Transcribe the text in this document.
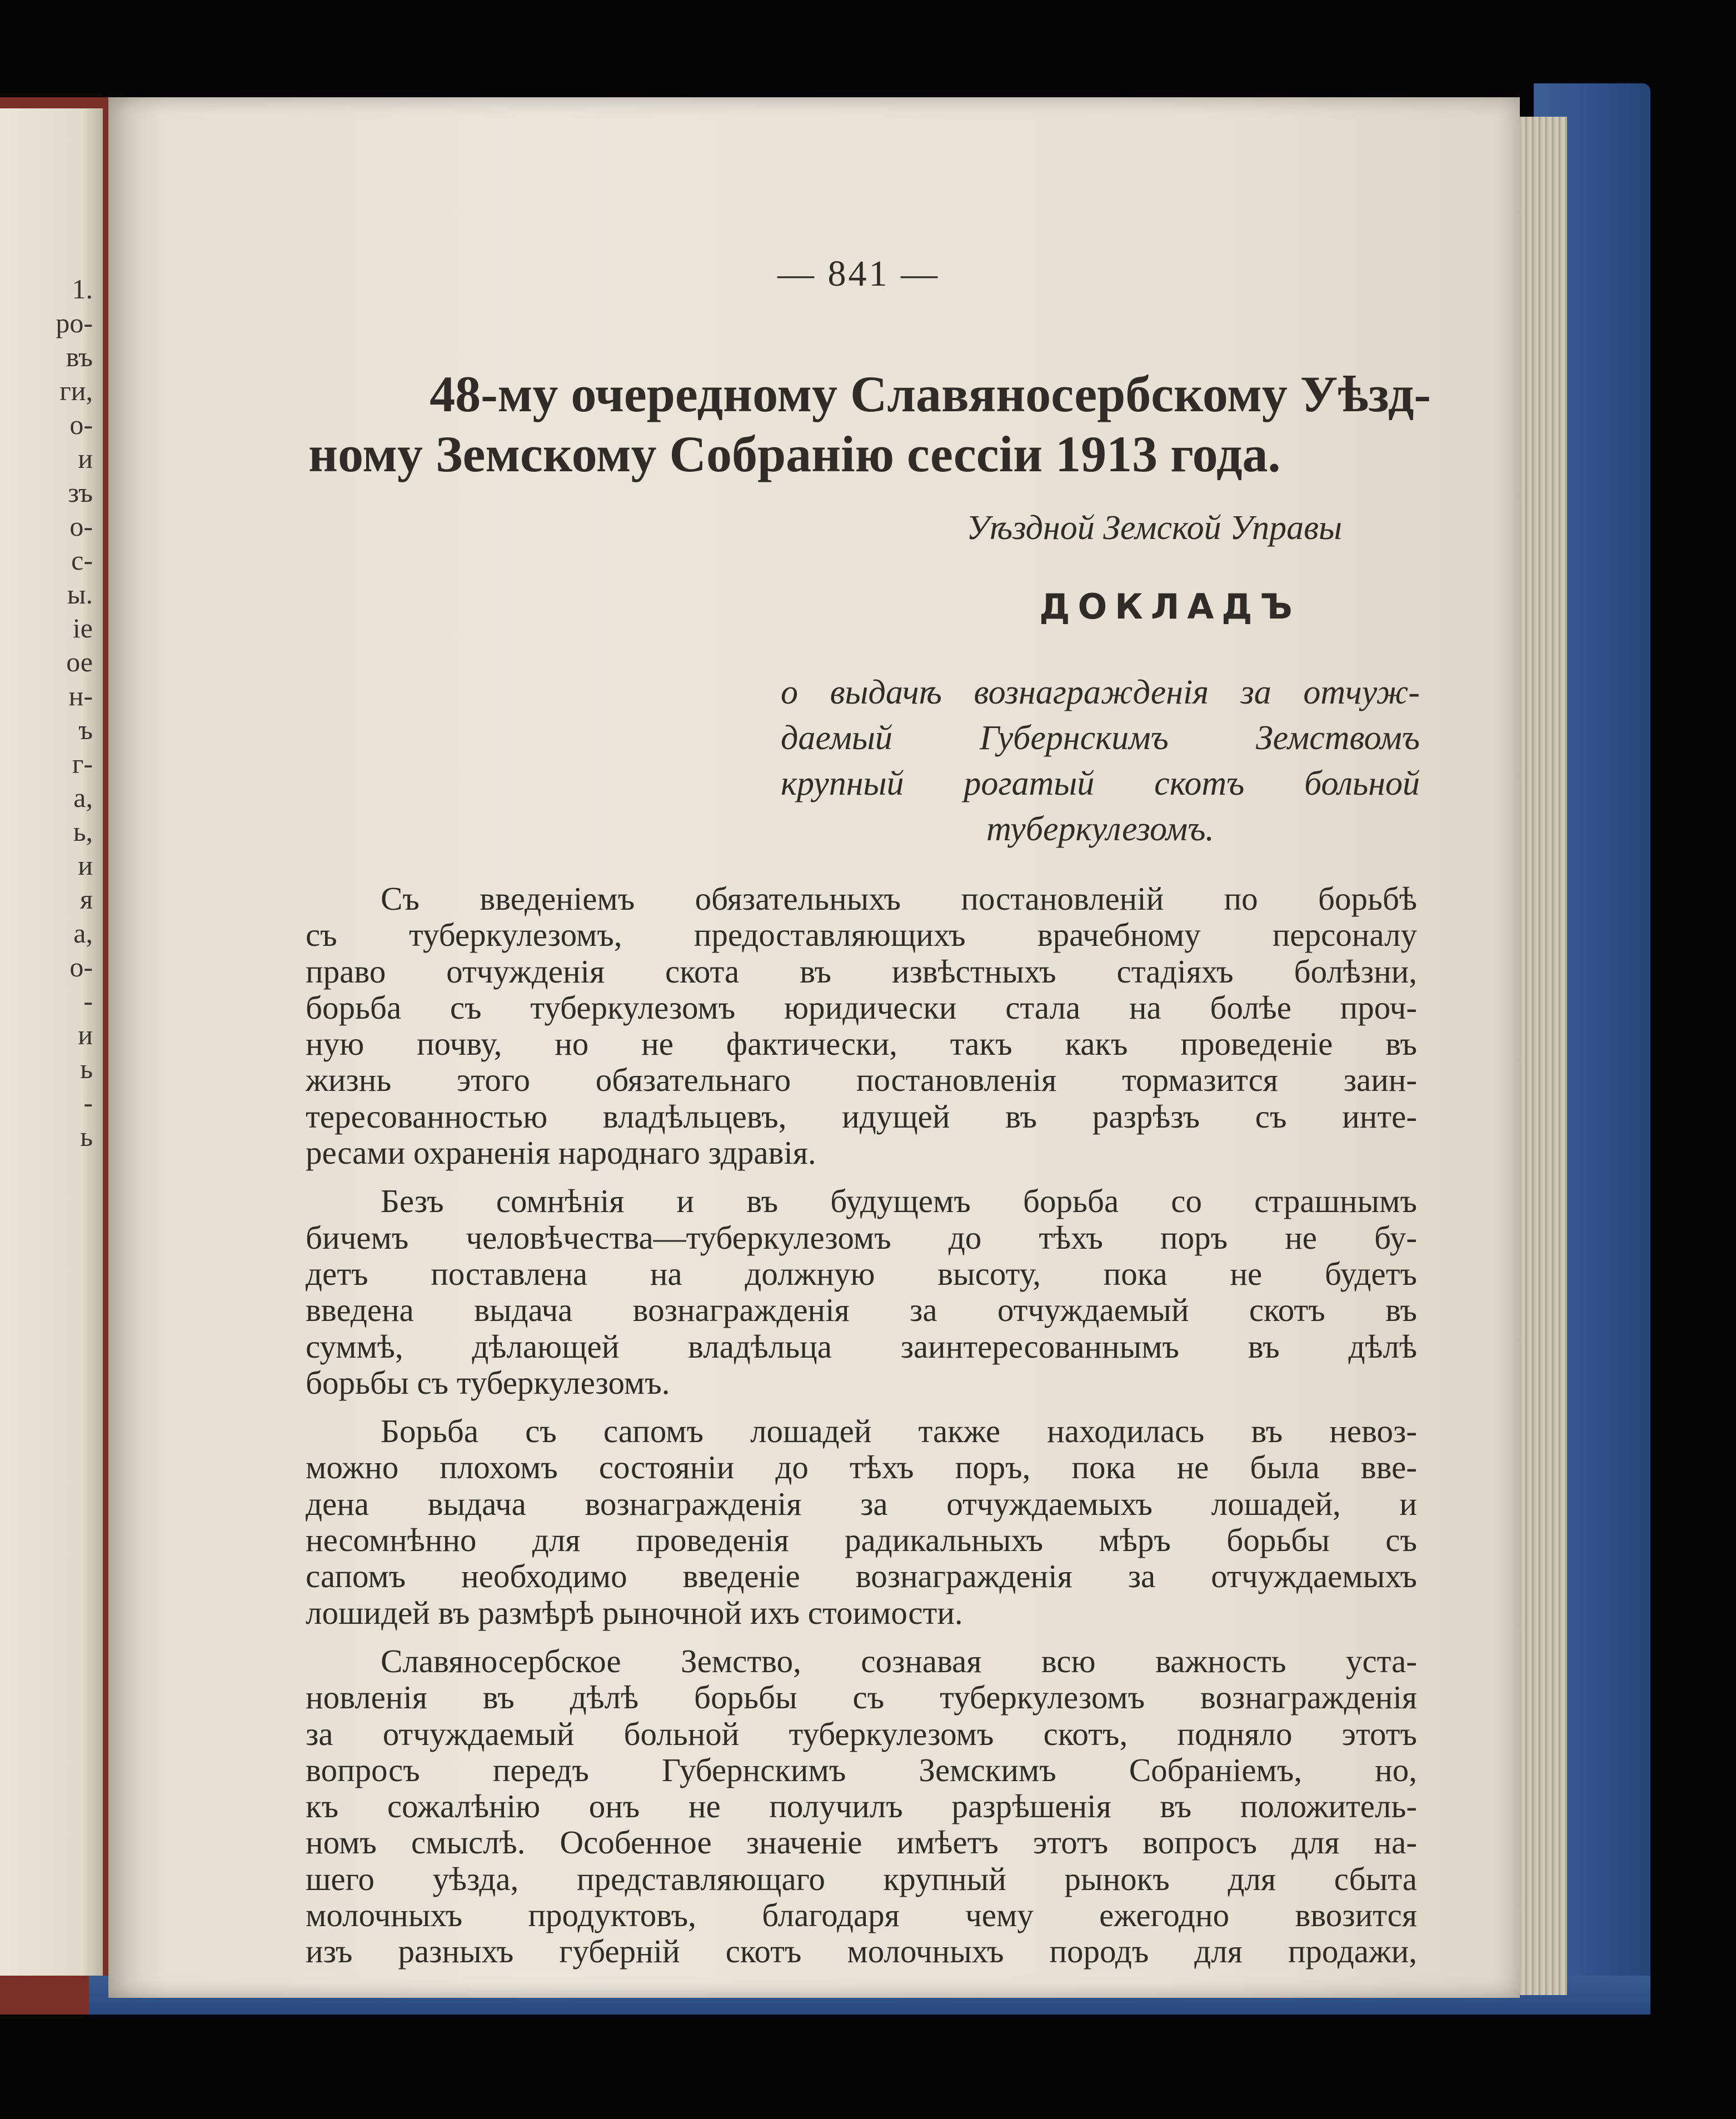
1.
ро-
въ
ги,
о-
и
зъ
о-
с-
ы.
ie
ое
н-
ъ
г-
а,
ь,
и
я
а,
о-
-
и
ь
-
ь
— 841 —
48-му очередному Славяносербскому Уѣзд-
ному Земскому Собранію сессіи 1913 года.
Уѣздной Земской Управы
ДОКЛАДЪ
о выдачѣ вознагражденія за отчуж-
даемый Губернскимъ Земствомъ
крупный рогатый скотъ больной
туберкулезомъ.
Съ введеніемъ обязательныхъ постановленій по борьбѣ
съ туберкулезомъ, предоставляющихъ врачебному персоналу
право отчужденія скота въ извѣстныхъ стадіяхъ болѣзни,
борьба съ туберкулезомъ юридически стала на болѣе проч-
ную почву, но не фактически, такъ какъ проведеніе въ
жизнь этого обязательнаго постановленія тормазится заин-
тересованностью владѣльцевъ, идущей въ разрѣзъ съ инте-
ресами охраненія народнаго здравія.
Безъ сомнѣнія и въ будущемъ борьба со страшнымъ
бичемъ человѣчества—туберкулезомъ до тѣхъ поръ не бу-
детъ поставлена на должную высоту, пока не будетъ
введена выдача вознагражденія за отчуждаемый скотъ въ
суммѣ, дѣлающей владѣльца заинтересованнымъ въ дѣлѣ
борьбы съ туберкулезомъ.
Борьба съ сапомъ лошадей также находилась въ невоз-
можно плохомъ состояніи до тѣхъ поръ, пока не была вве-
дена выдача вознагражденія за отчуждаемыхъ лошадей, и
несомнѣнно для проведенія радикальныхъ мѣръ борьбы съ
сапомъ необходимо введеніе вознагражденія за отчуждаемыхъ
лошидей въ размѣрѣ рыночной ихъ стоимости.
Славяносербское Земство, сознавая всю важность уста-
новленія въ дѣлѣ борьбы съ туберкулезомъ вознагражденія
за отчуждаемый больной туберкулезомъ скотъ, подняло этотъ
вопросъ передъ Губернскимъ Земскимъ Собраніемъ, но,
къ сожалѣнію онъ не получилъ разрѣшенія въ положитель-
номъ смыслѣ. Особенное значеніе имѣетъ этотъ вопросъ для на-
шего уѣзда, представляющаго крупный рынокъ для сбыта
молочныхъ продуктовъ, благодаря чему ежегодно ввозится
изъ разныхъ губерній скотъ молочныхъ породъ для продажи,
